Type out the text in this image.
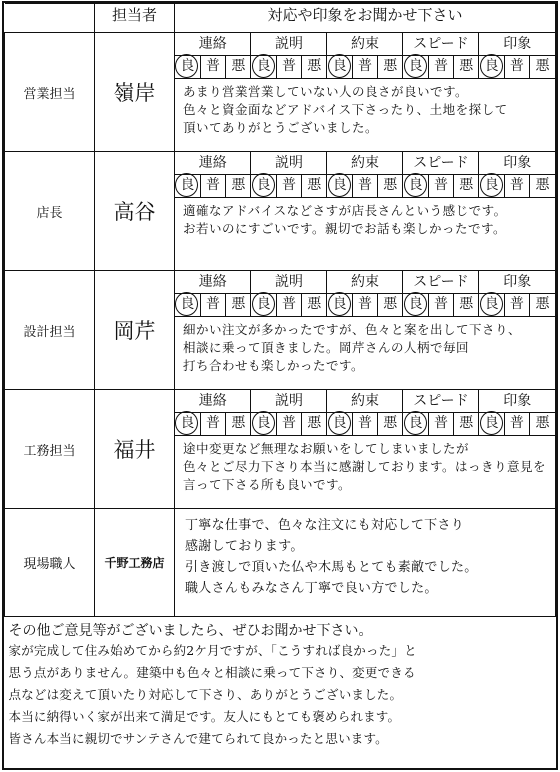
	担当者	対応や印象をお聞かせ下さい
営業担当	嶺岸	
連絡	説明	約束	スピード	印象
良	普	悪	良	普	悪	良	普	悪	良	普	悪	良	普	悪
あまり営業営業していない人の良さが良いです。
色々と資金面などアドバイス下さったり、土地を探して
頂いてありがとうございました。

店長	高谷	
連絡	説明	約束	スピード	印象
良	普	悪	良	普	悪	良	普	悪	良	普	悪	良	普	悪
適確なアドバイスなどさすが店長さんという感じです。
お若いのにすごいです。親切でお話も楽しかったです。

設計担当	岡芹	
連絡	説明	約束	スピード	印象
良	普	悪	良	普	悪	良	普	悪	良	普	悪	良	普	悪
細かい注文が多かったですが、色々と案を出して下さり、
相談に乗って頂きました。岡芹さんの人柄で毎回
打ち合わせも楽しかったです。

工務担当	福井	
連絡	説明	約束	スピード	印象
良	普	悪	良	普	悪	良	普	悪	良	普	悪	良	普	悪
途中変更など無理なお願いをしてしまいましたが
色々とご尽力下さり本当に感謝しております。はっきり意見を
言って下さる所も良いです。

現場職人	千野工務店	
丁寧な仕事で、色々な注文にも対応して下さり
感謝しております。
引き渡しで頂いた仏や木馬もとても素敵でした。
職人さんもみなさん丁寧で良い方でした。

その他ご意見等がございましたら、ぜひお聞かせ下さい。
家が完成して住み始めてから約2ケ月ですが、「こうすれば良かった」と
思う点がありません。建築中も色々と相談に乗って下さり、変更できる
点などは変えて頂いたり対応して下さり、ありがとうございました。
本当に納得いく家が出来て満足です。友人にもとても褒められます。
皆さん本当に親切でサンテさんで建てられて良かったと思います。
